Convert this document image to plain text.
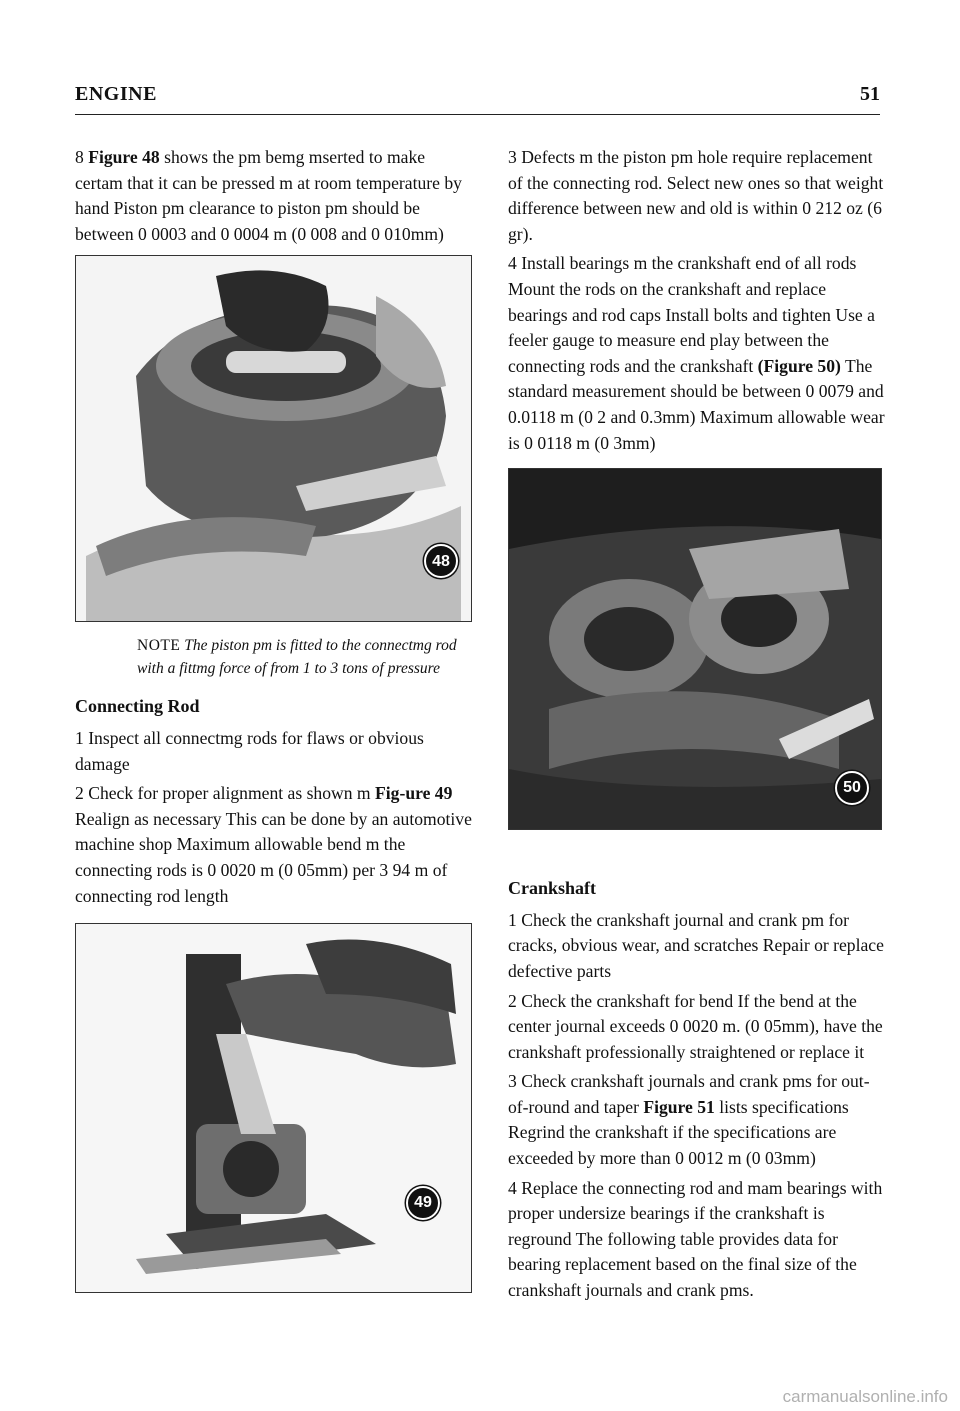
ENGINE	51

8 Figure 48 shows the pm bemg mserted to make certam that it can be pressed m at room temperature by hand Piston pm clearance to piston pm should be between 0 0003 and 0 0004 m (0 008 and 0 010mm)

48
NOTE The piston pm is fitted to the connectmg rod with a fittmg force of from 1 to 3 tons of pressure
Connecting Rod

1 Inspect all connectmg rods for flaws or obvious damage

2 Check for proper alignment as shown m Fig-ure 49 Realign as necessary This can be done by an automotive machine shop Maximum allowable bend m the connecting rods is 0 0020 m (0 05mm) per 3 94 m of connecting rod length

49

3 Defects m the piston pm hole require replacement of the connecting rod. Select new ones so that weight difference between new and old is within 0 212 oz (6 gr).

4 Install bearings m the crankshaft end of all rods Mount the rods on the crankshaft and replace bearings and rod caps Install bolts and tighten Use a feeler gauge to measure end play between the connecting rods and the crankshaft (Figure 50) The standard measurement should be between 0 0079 and 0.0118 m (0 2 and 0.3mm) Maximum allowable wear is 0 0118 m (0 3mm)

50
Crankshaft

1 Check the crankshaft journal and crank pm for cracks, obvious wear, and scratches Repair or replace defective parts

2 Check the crankshaft for bend If the bend at the center journal exceeds 0 0020 m. (0 05mm), have the crankshaft professionally straightened or replace it

3 Check crankshaft journals and crank pms for out-of-round and taper Figure 51 lists specifications Regrind the crankshaft if the specifications are exceeded by more than 0 0012 m (0 03mm)

4 Replace the connecting rod and mam bearings with proper undersize bearings if the crankshaft is reground The following table provides data for bearing replacement based on the final size of the crankshaft journals and crank pms.

carmanualsonline.info
